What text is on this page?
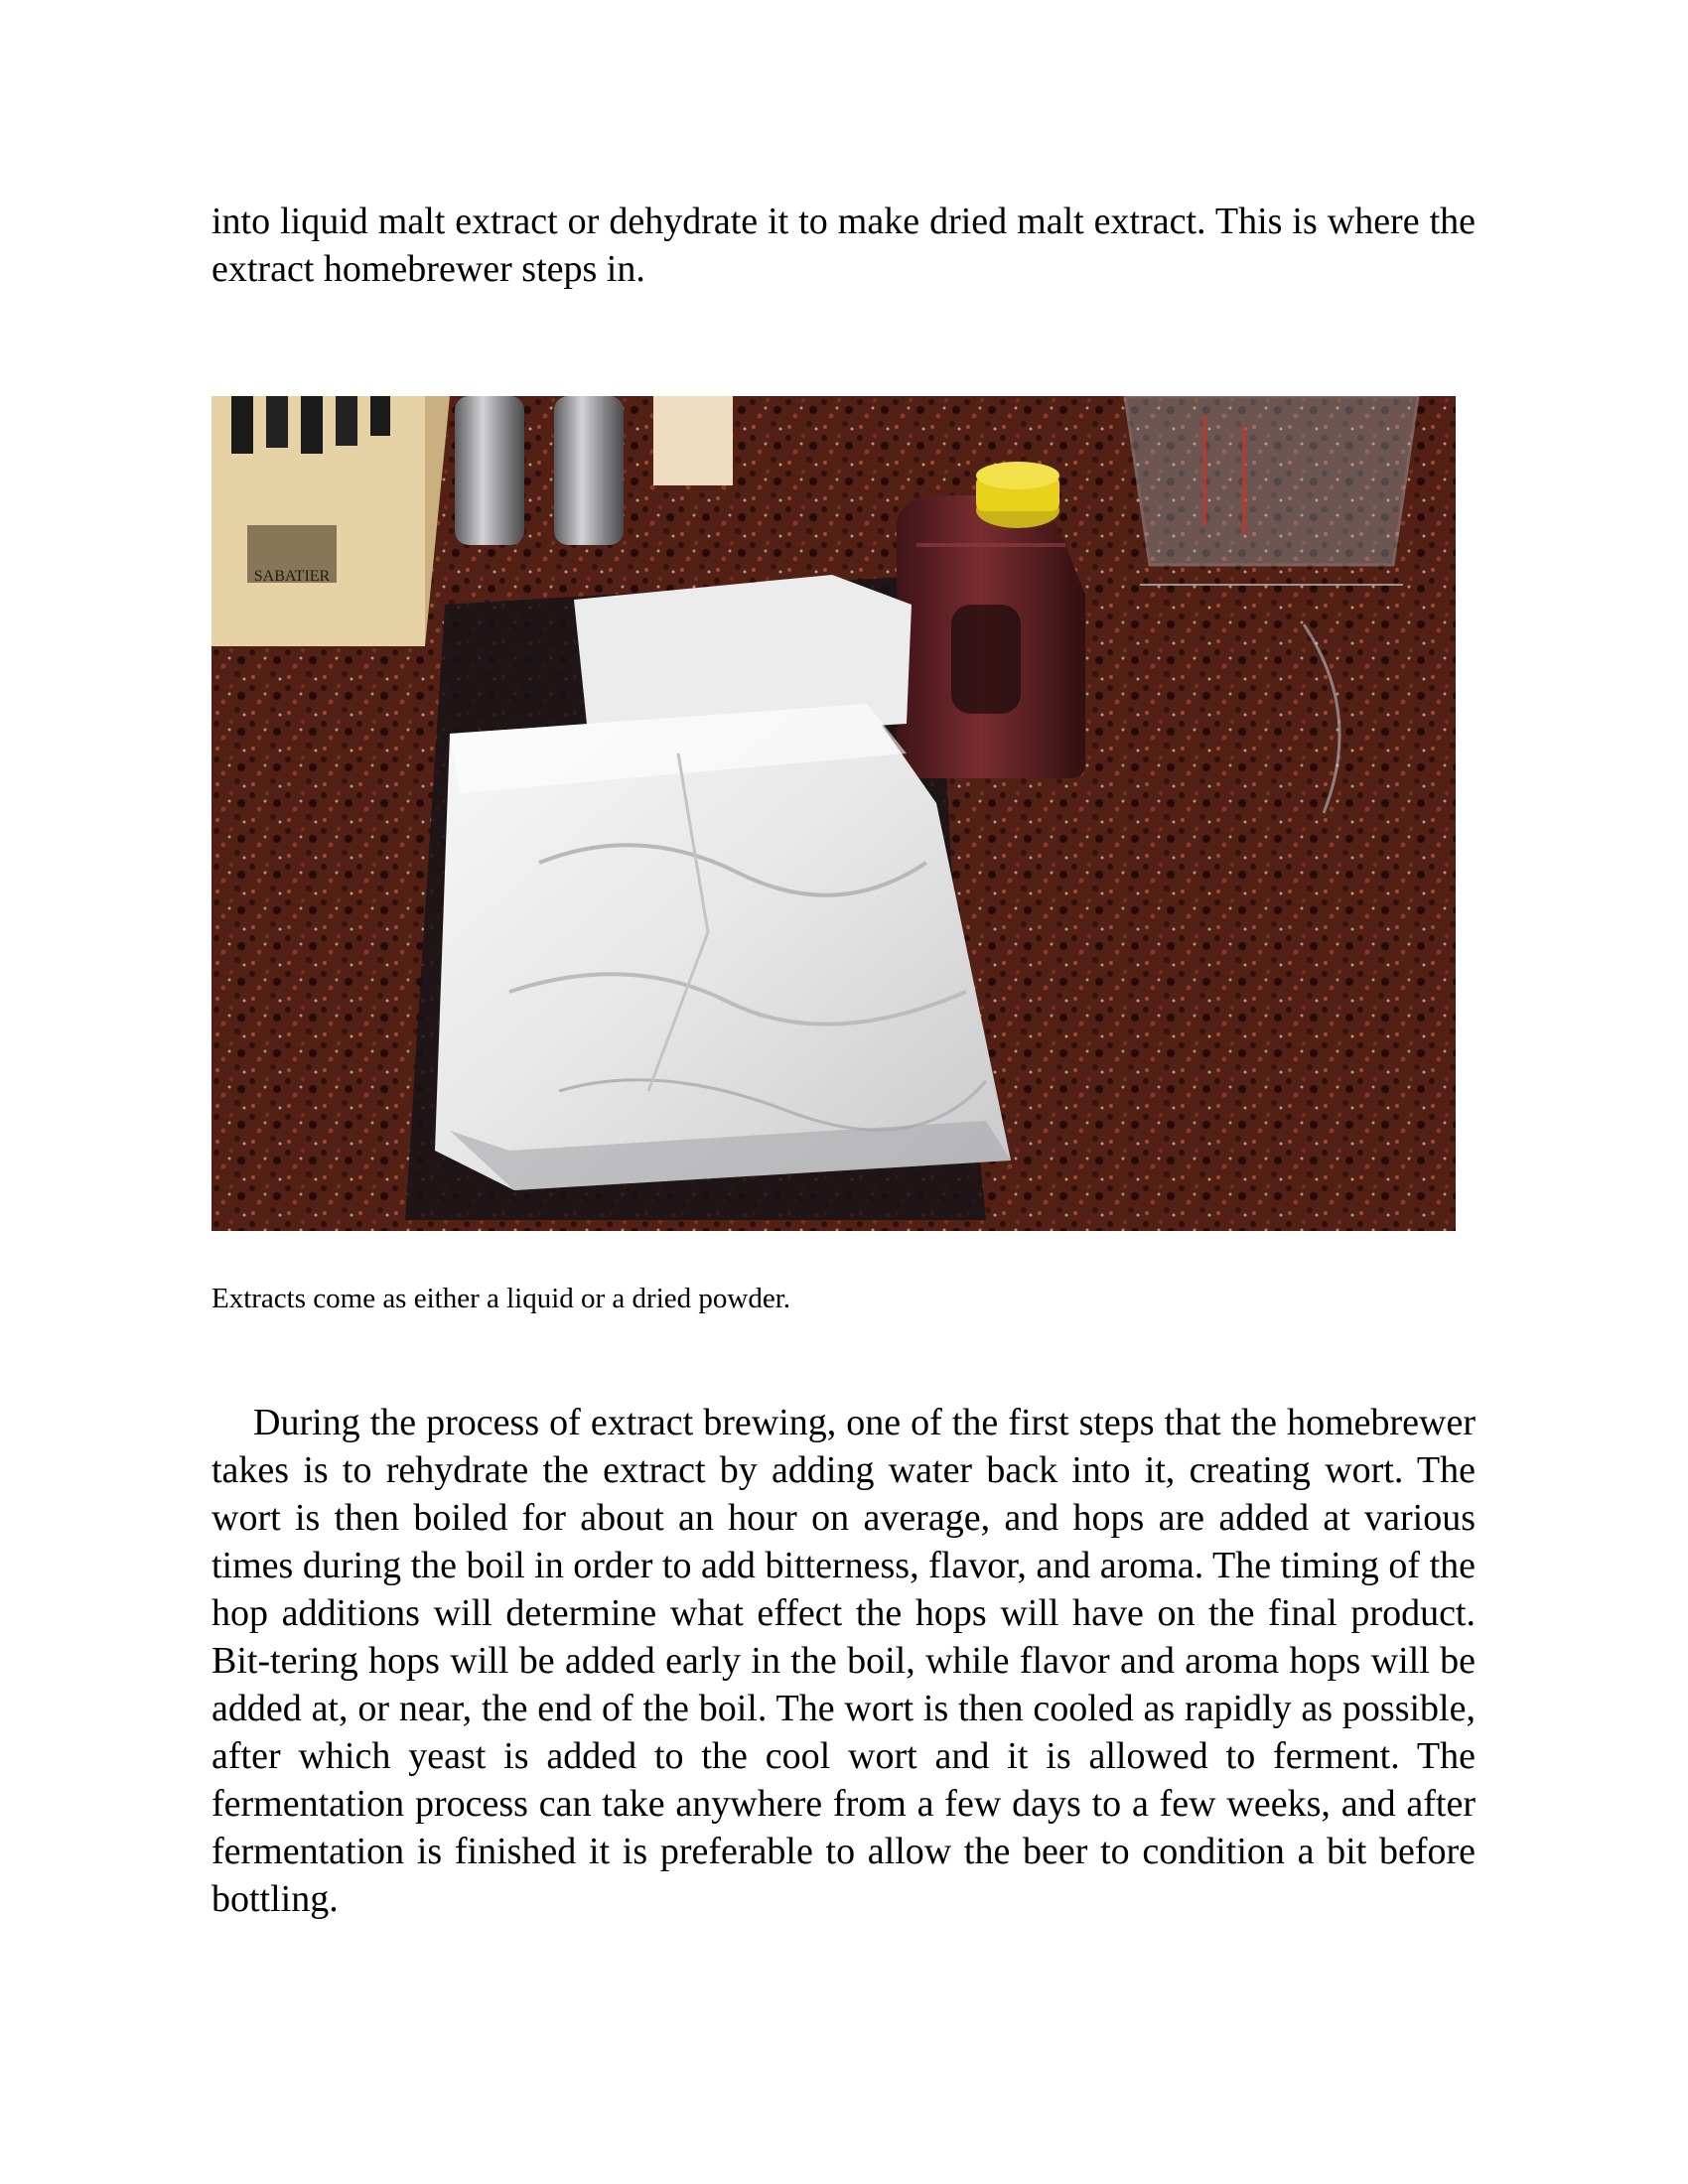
into liquid malt extract or dehydrate it to make dried malt extract. This is where the extract homebrewer steps in.

SABATIER

Extracts come as either a liquid or a dried powder.

During the process of extract brewing, one of the first steps that the homebrewer takes is to rehydrate the extract by adding water back into it, creating wort. The wort is then boiled for about an hour on average, and hops are added at various times during the boil in order to add bitterness, flavor, and aroma. The timing of the hop additions will determine what effect the hops will have on the final product. Bit-tering hops will be added early in the boil, while flavor and aroma hops will be added at, or near, the end of the boil. The wort is then cooled as rapidly as possible, after which yeast is added to the cool wort and it is allowed to ferment. The fermentation process can take anywhere from a few days to a few weeks, and after fermentation is finished it is preferable to allow the beer to condition a bit before bottling.
